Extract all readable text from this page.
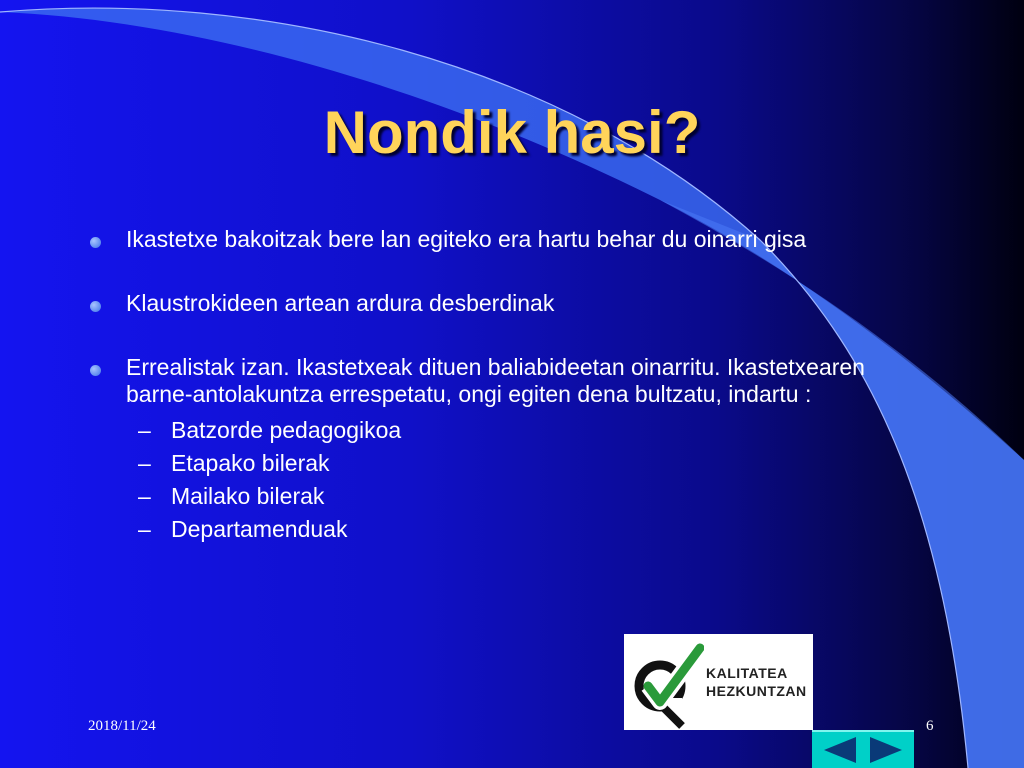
Nondik hasi?
Ikastetxe bakoitzak bere lan egiteko era hartu behar du oinarri gisa
Klaustrokideen artean ardura desberdinak
Errealistak izan. Ikastetxeak dituen baliabideetan oinarritu. Ikastetxearen barne-antolakuntza errespetatu, ongi egiten dena bultzatu, indartu :
– Batzorde pedagogikoa
– Etapako bilerak
– Mailako bilerak
– Departamenduak
KALITATEA
HEZKUNTZAN
2018/11/24	6
